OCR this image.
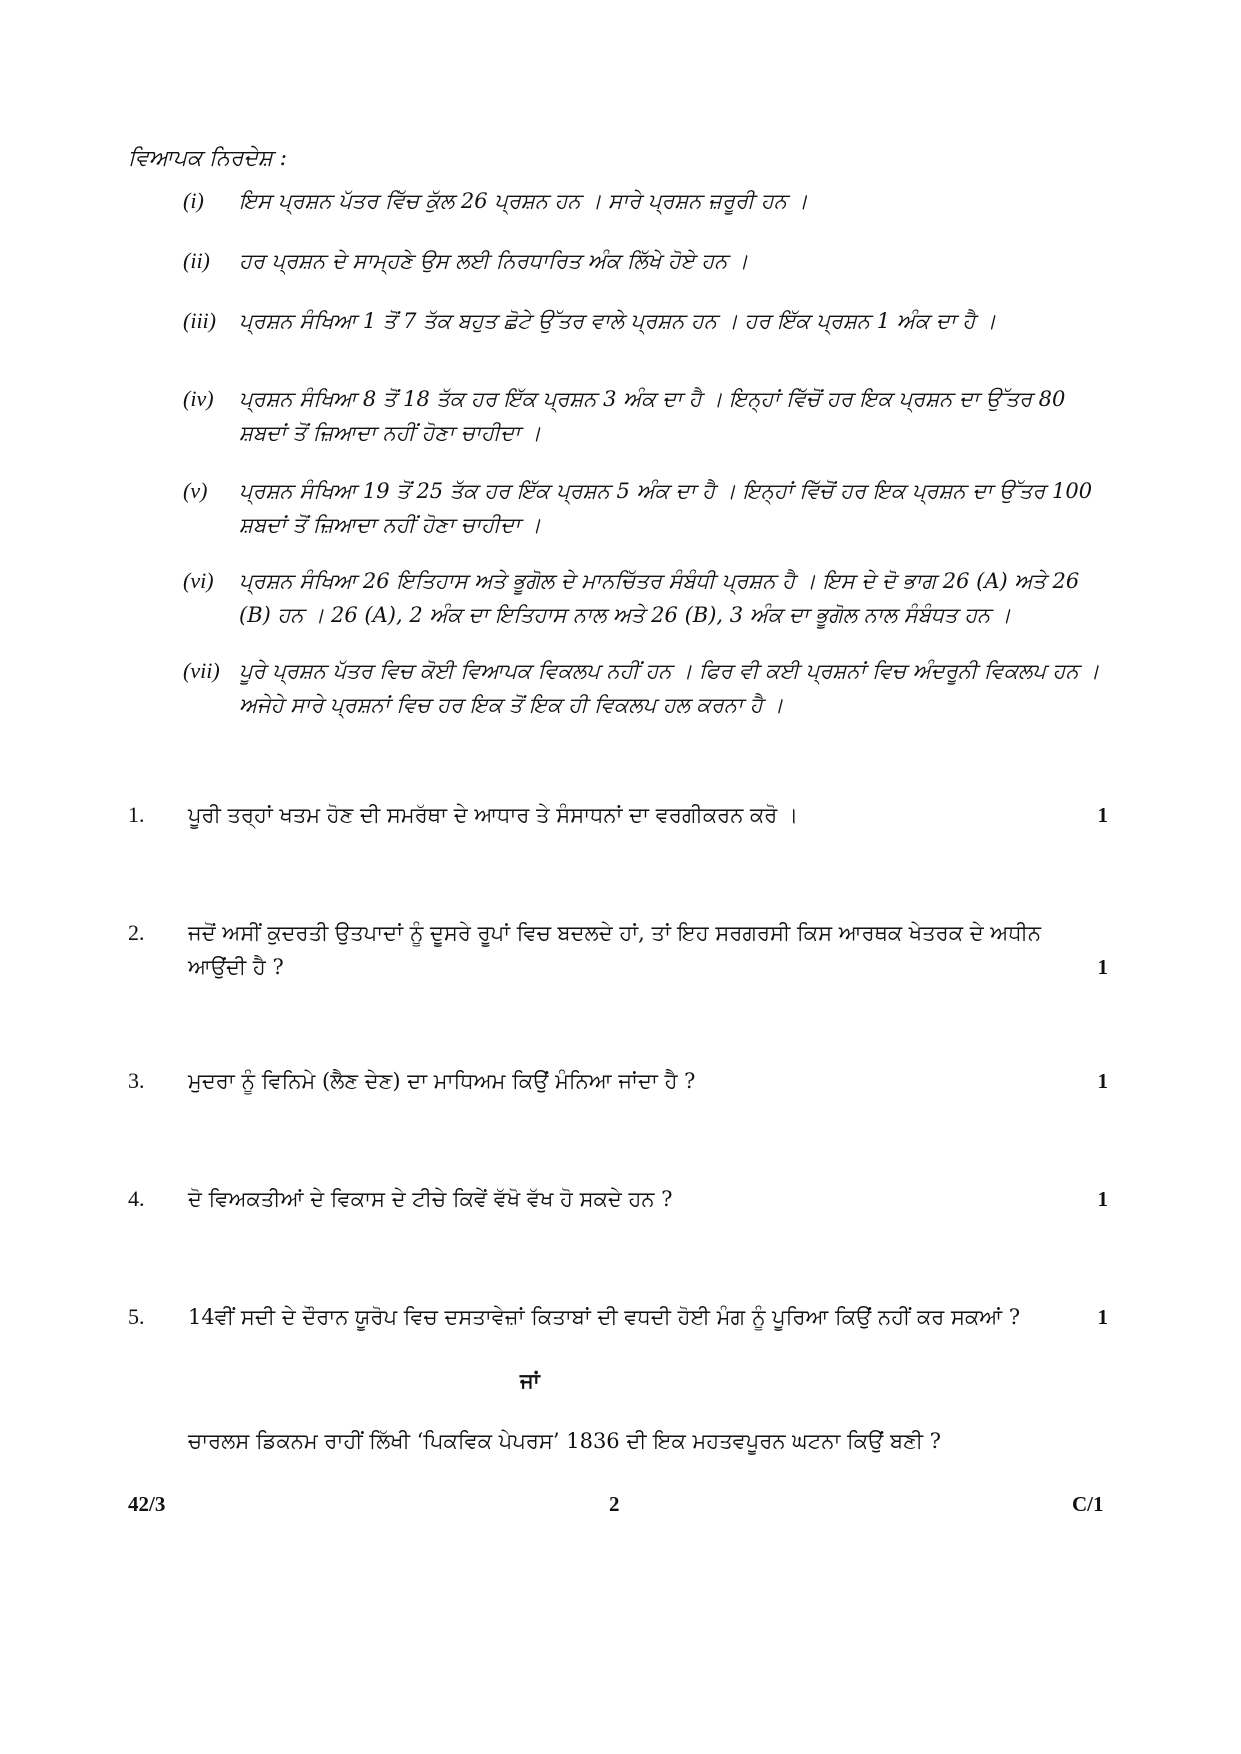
ਵਿਆਪਕ ਨਿਰਦੇਸ਼ :
(i)	ਇਸ ਪ੍ਰਸ਼ਨ ਪੱਤਰ ਵਿੱਚ ਕੁੱਲ 26 ਪ੍ਰਸ਼ਨ ਹਨ । ਸਾਰੇ ਪ੍ਰਸ਼ਨ ਜ਼ਰੂਰੀ ਹਨ ।
(ii)	ਹਰ ਪ੍ਰਸ਼ਨ ਦੇ ਸਾਮ੍ਹਣੇ ਉਸ ਲਈ ਨਿਰਧਾਰਿਤ ਅੰਕ ਲਿੱਖੇ ਹੋਏ ਹਨ ।
(iii)	ਪ੍ਰਸ਼ਨ ਸੰਖਿਆ 1 ਤੋਂ 7 ਤੱਕ ਬਹੁਤ ਛੋਟੇ ਉੱਤਰ ਵਾਲੇ ਪ੍ਰਸ਼ਨ ਹਨ । ਹਰ ਇੱਕ ਪ੍ਰਸ਼ਨ 1 ਅੰਕ ਦਾ ਹੈ ।
(iv)	ਪ੍ਰਸ਼ਨ ਸੰਖਿਆ 8 ਤੋਂ 18 ਤੱਕ ਹਰ ਇੱਕ ਪ੍ਰਸ਼ਨ 3 ਅੰਕ ਦਾ ਹੈ । ਇਨ੍ਹਾਂ ਵਿੱਚੋਂ ਹਰ ਇਕ ਪ੍ਰਸ਼ਨ ਦਾ ਉੱਤਰ 80 ਸ਼ਬਦਾਂ ਤੋਂ ਜ਼ਿਆਦਾ ਨਹੀਂ ਹੋਣਾ ਚਾਹੀਦਾ ।
(v)	ਪ੍ਰਸ਼ਨ ਸੰਖਿਆ 19 ਤੋਂ 25 ਤੱਕ ਹਰ ਇੱਕ ਪ੍ਰਸ਼ਨ 5 ਅੰਕ ਦਾ ਹੈ । ਇਨ੍ਹਾਂ ਵਿੱਚੋਂ ਹਰ ਇਕ ਪ੍ਰਸ਼ਨ ਦਾ ਉੱਤਰ 100 ਸ਼ਬਦਾਂ ਤੋਂ ਜ਼ਿਆਦਾ ਨਹੀਂ ਹੋਣਾ ਚਾਹੀਦਾ ।
(vi)	ਪ੍ਰਸ਼ਨ ਸੰਖਿਆ 26 ਇਤਿਹਾਸ ਅਤੇ ਭੂਗੋਲ ਦੇ ਮਾਨਚਿੱਤਰ ਸੰਬੰਧੀ ਪ੍ਰਸ਼ਨ ਹੈ । ਇਸ ਦੇ ਦੋ ਭਾਗ 26 (A) ਅਤੇ 26 (B) ਹਨ । 26 (A), 2 ਅੰਕ ਦਾ ਇਤਿਹਾਸ ਨਾਲ ਅਤੇ 26 (B), 3 ਅੰਕ ਦਾ ਭੂਗੋਲ ਨਾਲ ਸੰਬੰਧਤ ਹਨ ।
(vii) ਪੂਰੇ ਪ੍ਰਸ਼ਨ ਪੱਤਰ ਵਿਚ ਕੋਈ ਵਿਆਪਕ ਵਿਕਲਪ ਨਹੀਂ ਹਨ । ਫਿਰ ਵੀ ਕਈ ਪ੍ਰਸ਼ਨਾਂ ਵਿਚ ਅੰਦਰੂਨੀ ਵਿਕਲਪ ਹਨ । ਅਜੇਹੇ ਸਾਰੇ ਪ੍ਰਸ਼ਨਾਂ ਵਿਚ ਹਰ ਇਕ ਤੋਂ ਇਕ ਹੀ ਵਿਕਲਪ ਹਲ ਕਰਨਾ ਹੈ ।
1. ਪੂਰੀ ਤਰ੍ਹਾਂ ਖਤਮ ਹੋਣ ਦੀ ਸਮਰੱਥਾ ਦੇ ਆਧਾਰ ਤੇ ਸੰਸਾਧਨਾਂ ਦਾ ਵਰਗੀਕਰਨ ਕਰੋ ।	1
2. ਜਦੋਂ ਅਸੀਂ ਕੁਦਰਤੀ ਉਤਪਾਦਾਂ ਨੂੰ ਦੂਸਰੇ ਰੂਪਾਂ ਵਿਚ ਬਦਲਦੇ ਹਾਂ, ਤਾਂ ਇਹ ਸਰਗਰਸੀ ਕਿਸ ਆਰਥਕ ਖੇਤਰਕ ਦੇ ਅਧੀਨ ਆਉਂਦੀ ਹੈ ?	1
3. ਮੁਦਰਾ ਨੂੰ ਵਿਨਿਮੇ (ਲੈਣ ਦੇਣ) ਦਾ ਮਾਧਿਅਮ ਕਿਉਂ ਮੰਨਿਆ ਜਾਂਦਾ ਹੈ ?	1
4. ਦੋ ਵਿਅਕਤੀਆਂ ਦੇ ਵਿਕਾਸ ਦੇ ਟੀਚੇ ਕਿਵੇਂ ਵੱਖੋ ਵੱਖ ਹੋ ਸਕਦੇ ਹਨ ?	1
5. 14ਵੀਂ ਸਦੀ ਦੇ ਦੌਰਾਨ ਯੂਰੋਪ ਵਿਚ ਦਸਤਾਵੇਜ਼ਾਂ ਕਿਤਾਬਾਂ ਦੀ ਵਧਦੀ ਹੋਈ ਮੰਗ ਨੂੰ ਪੂਰਿਆ ਕਿਉਂ ਨਹੀਂ ਕਰ ਸਕਆਂ ?	1
ਜਾਂ
ਚਾਰਲਸ ਡਿਕਨਮ ਰਾਹੀਂ ਲਿੱਖੀ ‘ਪਿਕਵਿਕ ਪੇਪਰਸ’ 1836 ਦੀ ਇਕ ਮਹਤਵਪੂਰਨ ਘਟਨਾ ਕਿਉਂ ਬਣੀ ?
42/3	2	C/1
